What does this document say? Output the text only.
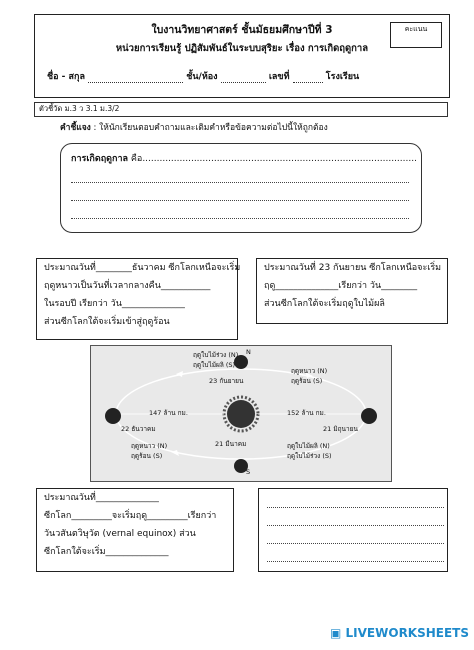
ใบงานวิทยาศาสตร์ ชั้นมัธยมศึกษาปีที่ 3
หน่วยการเรียนรู้ ปฏิสัมพันธ์ในระบบสุริยะ เรื่อง การเกิดฤดูกาล
คะแนน
ชื่อ - สกุล	ชั้น/ห้อง	เลขที่	โรงเรียน
ตัวชี้วัด ม.3 ว 3.1 ม.3/2
คำชี้แจง : ให้นักเรียนตอบคำถามและเติมคำหรือข้อความต่อไปนี้ให้ถูกต้อง
การเกิดฤดูกาล คือ................................................................................................
23 กันยายน
22 ธันวาคม	21 มิถุนายน
21 มีนาคม
147 ล้าน กม.	152 ล้าน กม.
ฤดูใบไม้ร่วง (N)
ฤดูใบไม้ผลิ (S)
ฤดูหนาว (N)
ฤดูร้อน (S)
ฤดูหนาว (N)
ฤดูร้อน (S)
ฤดูใบไม้ผลิ (N)
ฤดูใบไม้ร่วง (S)
N
S
ประมาณวันที่________ธันวาคม ซีกโลกเหนือจะเริ่ม
ฤดูหนาวเป็นวันที่เวลากลางคืน___________
ในรอบปี เรียกว่า วัน______________
ส่วนซีกโลกใต้จะเริ่มเข้าสู่ฤดูร้อน
ประมาณวันที่ 23 กันยายน ซีกโลกเหนือจะเริ่ม
ฤดู______________เรียกว่า วัน________
ส่วนซีกโลกใต้จะเริ่มฤดูใบไม้ผลิ
ประมาณวันที่______________
ซีกโลก_________จะเริ่มฤดู_________เรียกว่า
วันวสันตวิษุวัต (vernal equinox) ส่วน
ซีกโลกใต้จะเริ่ม______________
▣ LIVEWORKSHEETS
